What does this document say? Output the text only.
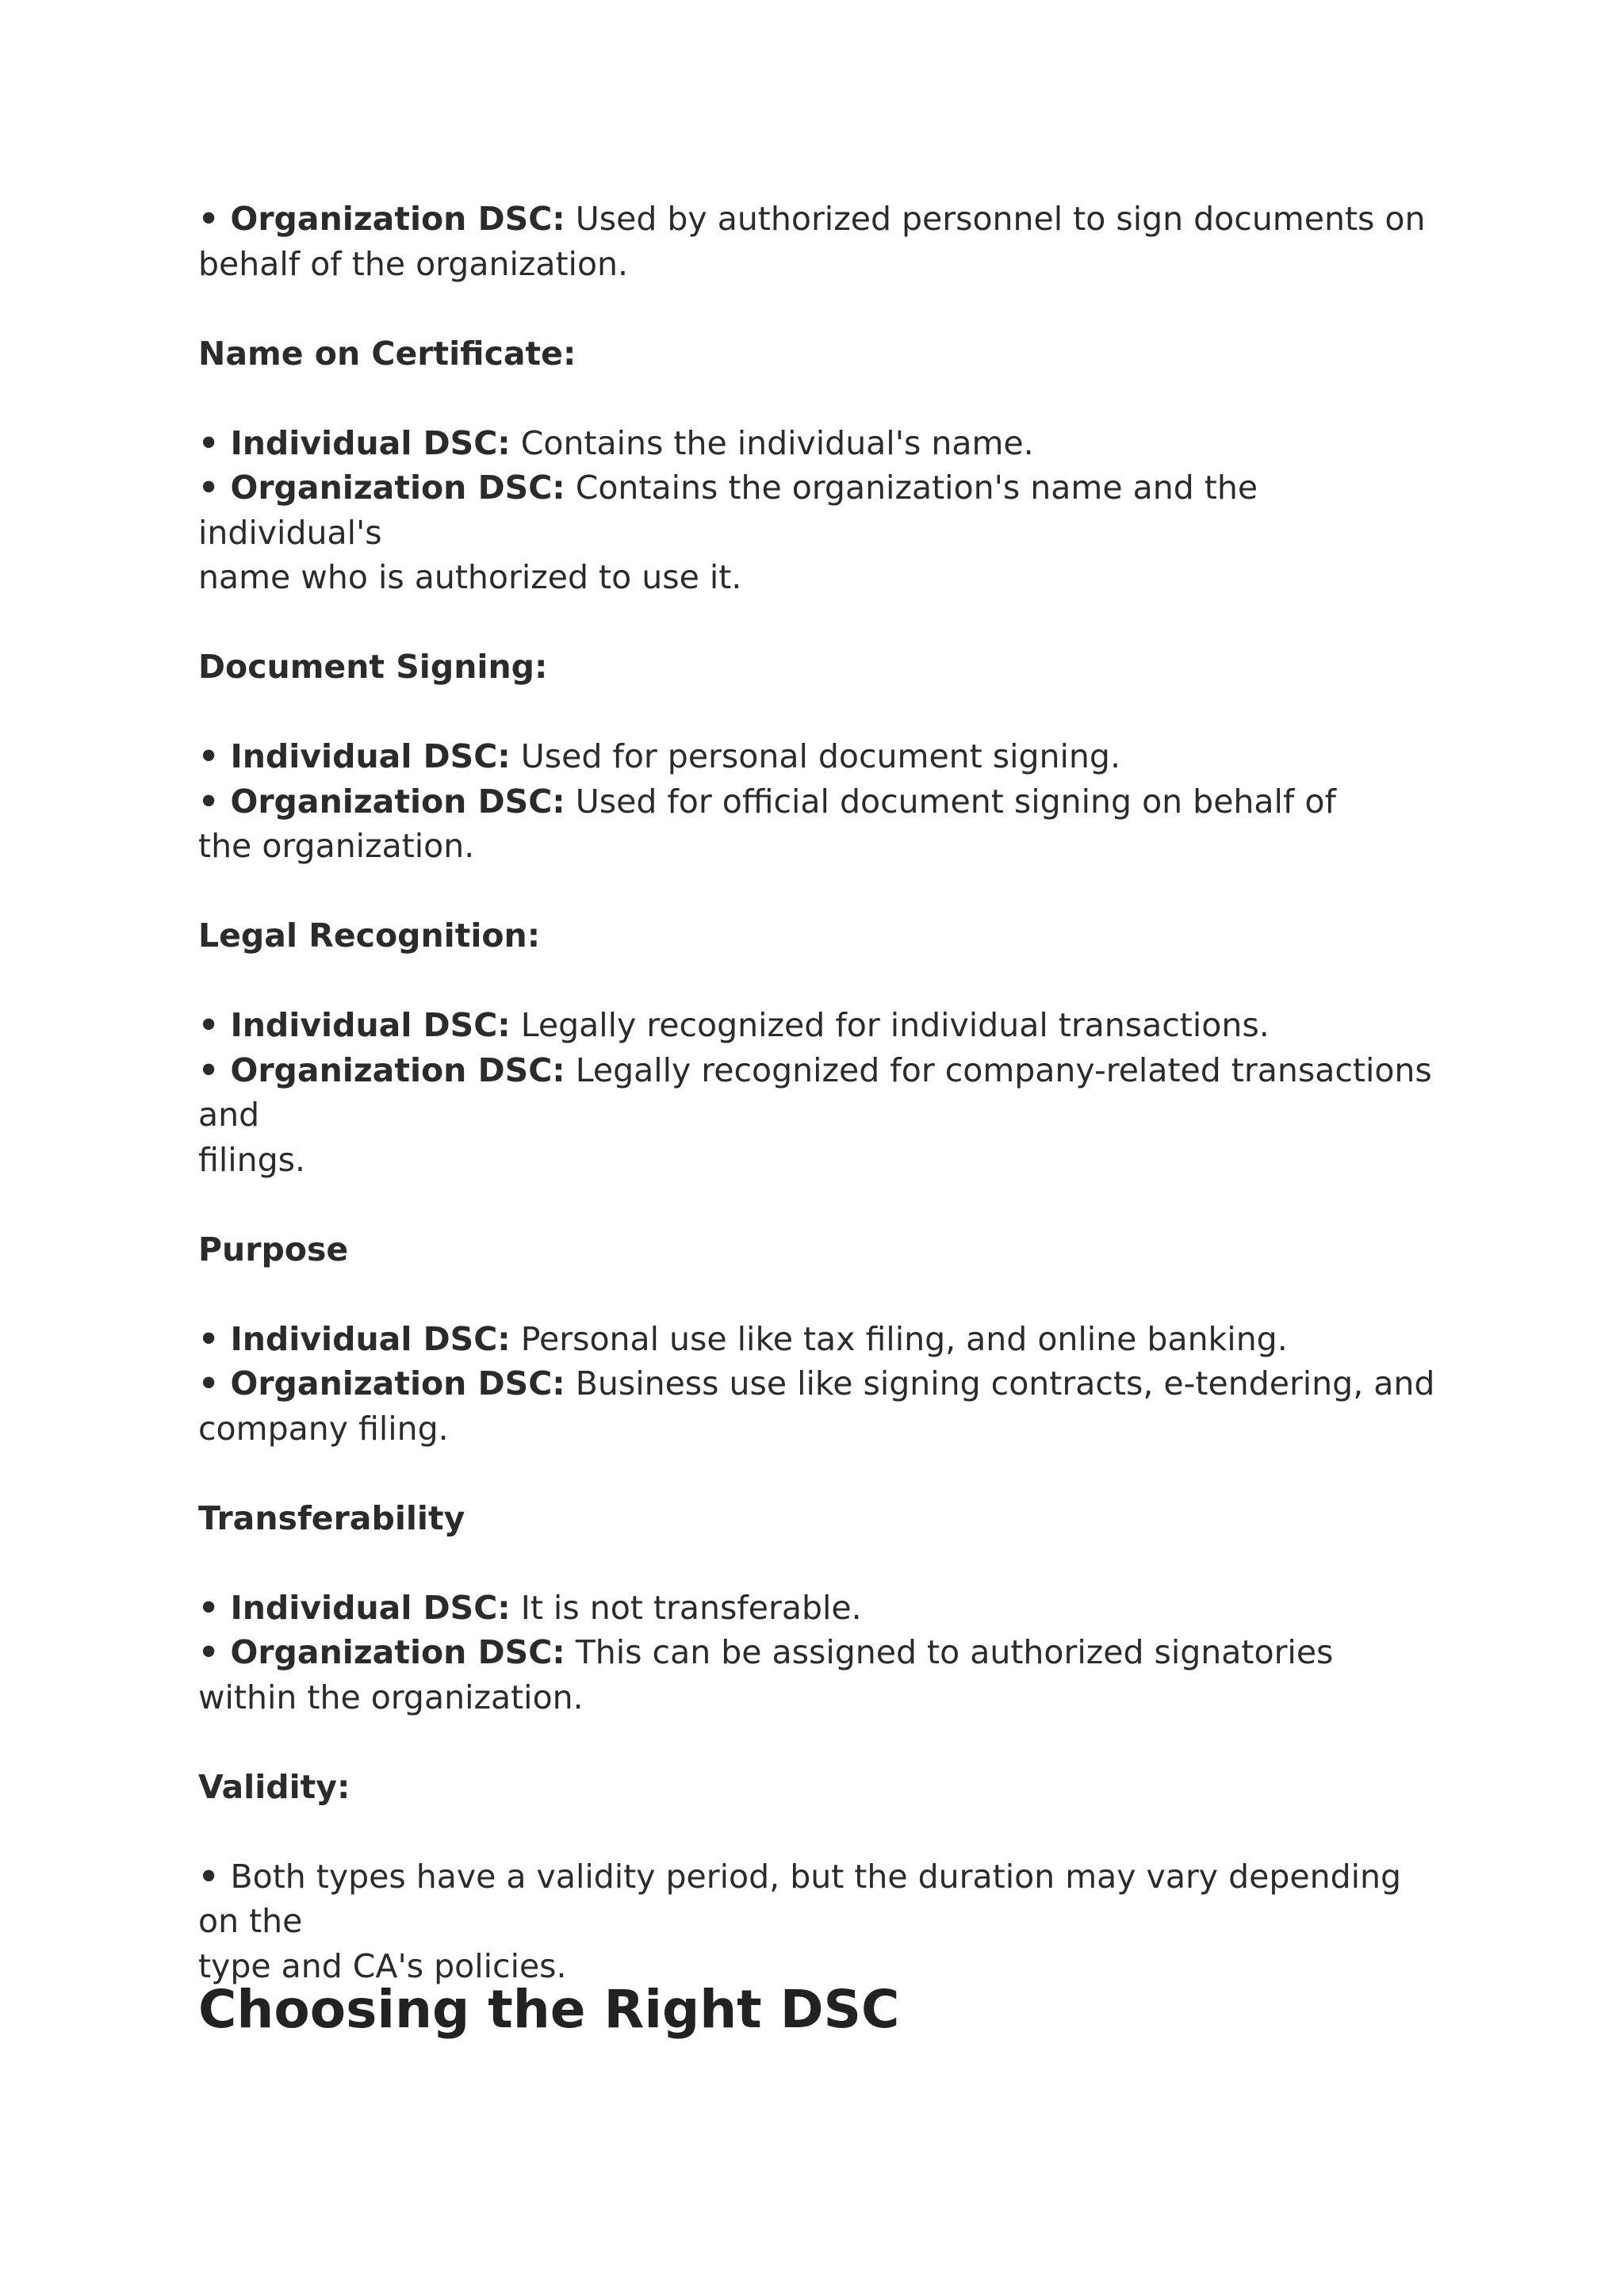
• Organization DSC: Used by authorized personnel to sign documents on
behalf of the organization.

Name on Certificate:

• Individual DSC: Contains the individual's name.
• Organization DSC: Contains the organization's name and the individual's
name who is authorized to use it.

Document Signing:

• Individual DSC: Used for personal document signing.
• Organization DSC: Used for official document signing on behalf of
the organization.

Legal Recognition:

• Individual DSC: Legally recognized for individual transactions.
• Organization DSC: Legally recognized for company-related transactions and
filings.

Purpose

• Individual DSC: Personal use like tax filing, and online banking.
• Organization DSC: Business use like signing contracts, e-tendering, and
company filing.

Transferability

• Individual DSC: It is not transferable.
• Organization DSC: This can be assigned to authorized signatories
within the organization.

Validity:

• Both types have a validity period, but the duration may vary depending on the
type and CA's policies.

Choosing the Right DSC
